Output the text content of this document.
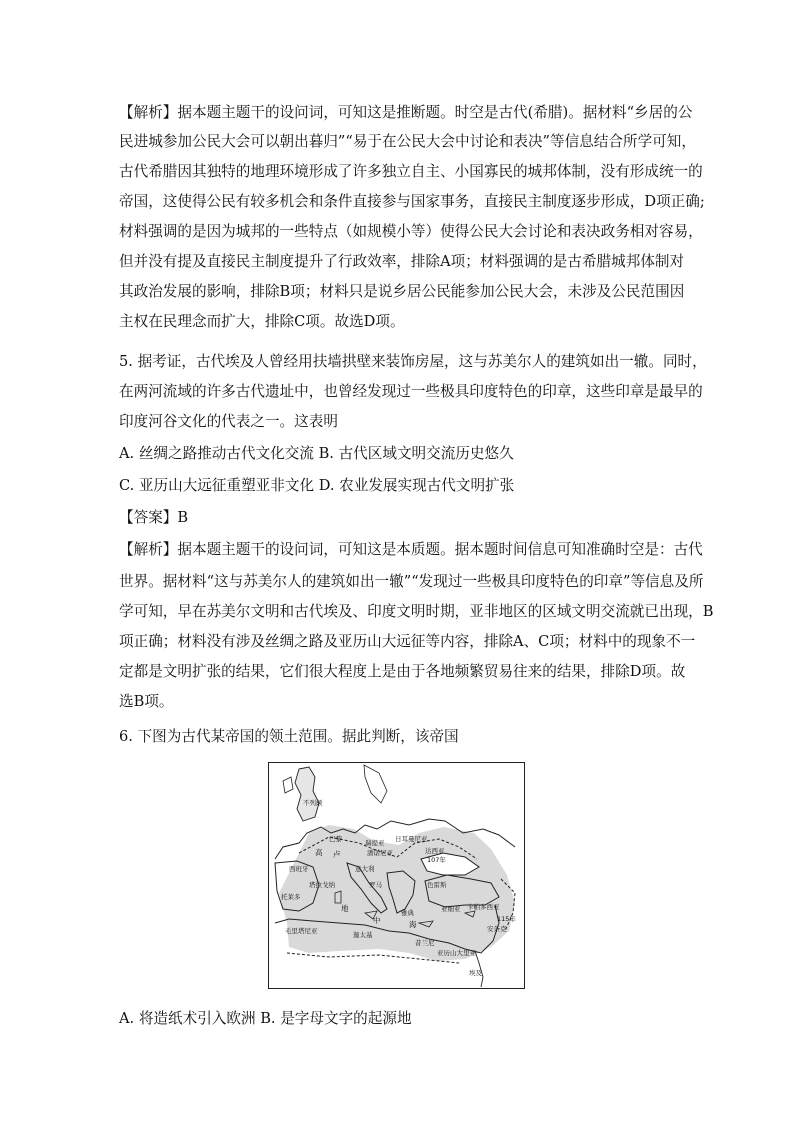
【解析】据本题主题干的设问词，可知这是推断题。时空是古代(希腊)。据材料“乡居的公
民进城参加公民大会可以朝出暮归”“易于在公民大会中讨论和表决”等信息结合所学可知，
古代希腊因其独特的地理环境形成了许多独立自主、小国寡民的城邦体制，没有形成统一的
帝国，这使得公民有较多机会和条件直接参与国家事务，直接民主制度逐步形成，D项正确;
材料强调的是因为城邦的一些特点（如规模小等）使得公民大会讨论和表决政务相对容易，
但并没有提及直接民主制度提升了行政效率，排除A项；材料强调的是古希腊城邦体制对
其政治发展的影响，排除B项；材料只是说乡居公民能参加公民大会，未涉及公民范围因
主权在民理念而扩大，排除C项。故选D项。
5. 据考证，古代埃及人曾经用扶墙拱壁来装饰房屋，这与苏美尔人的建筑如出一辙。同时，
在两河流域的许多古代遗址中，也曾经发现过一些极具印度特色的印章，这些印章是最早的
印度河谷文化的代表之一。这表明
A. 丝绸之路推动古代文化交流 B. 古代区域文明交流历史悠久
C. 亚历山大远征重塑亚非文化 D. 农业发展实现古代文明扩张
【答案】B
【解析】据本题主题干的设问词，可知这是本质题。据本题时间信息可知准确时空是：古代
世界。据材料“这与苏美尔人的建筑如出一辙”“发现过一些极具印度特色的印章”等信息及所
学可知，早在苏美尔文明和古代埃及、印度文明时期，亚非地区的区域文明交流就已出现，B
项正确；材料没有涉及丝绸之路及亚历山大远征等内容，排除A、C项；材料中的现象不一
定都是文明扩张的结果，它们很大程度上是由于各地频繁贸易往来的结果，排除D项。故
选B项。
6. 下图为古代某帝国的领土范围。据此判断，该帝国
不列颠
巴黎
高 卢
瑞提亚
潘诺尼亚
日耳曼尼亚
达西亚
107年
西班牙
塔拉戈纳
托莱多
意大利
罗马	色雷斯
亚细亚 卡帕多西亚
115年
安条克
雅典
地
中	海
毛里塔尼亚	迦太基
昔兰尼
亚历山大里亚
埃及
A. 将造纸术引入欧洲 B. 是字母文字的起源地
